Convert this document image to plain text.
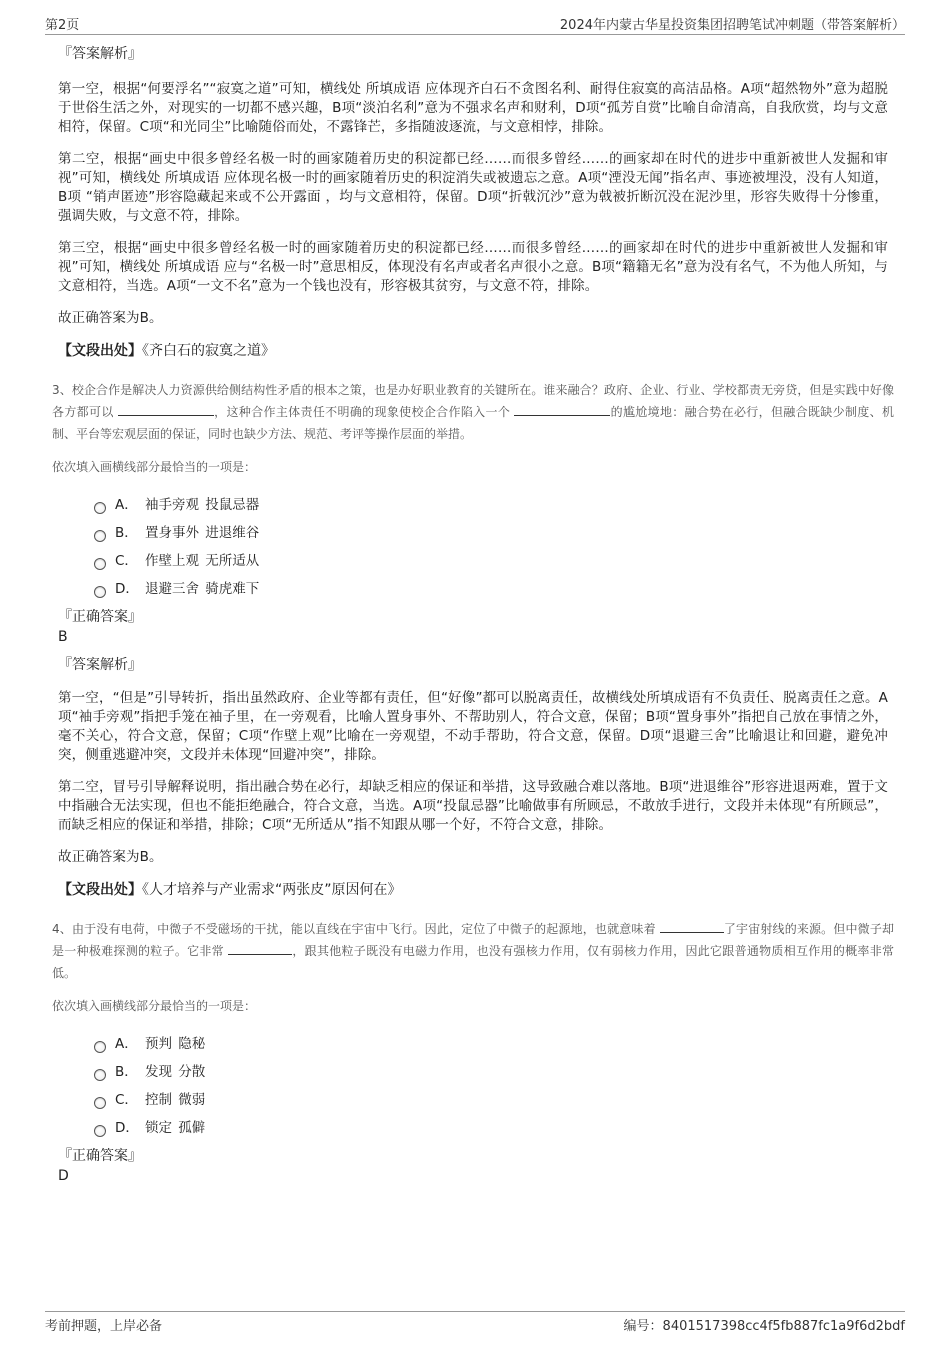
第2页	2024年内蒙古华星投资集团招聘笔试冲刺题（带答案解析）
『答案解析』

第一空，根据“何要浮名”“寂寞之道”可知，横线处 所填成语 应体现齐白石不贪图名利、耐得住寂寞的高洁品格。A项“超然物外”意为超脱于世俗生活之外，对现实的一切都不感兴趣，B项“淡泊名利”意为不强求名声和财利，D项“孤芳自赏”比喻自命清高，自我欣赏，均与文意相符，保留。C项“和光同尘”比喻随俗而处，不露锋芒，多指随波逐流，与文意相悖，排除。

第二空，根据“画史中很多曾经名极一时的画家随着历史的积淀都已经……而很多曾经……的画家却在时代的进步中重新被世人发掘和审视”可知，横线处 所填成语 应体现名极一时的画家随着历史的积淀消失或被遗忘之意。A项“湮没无闻”指名声、事迹被埋没，没有人知道，B项 “销声匿迹”形容隐藏起来或不公开露面 ，均与文意相符，保留。D项“折戟沉沙”意为戟被折断沉没在泥沙里，形容失败得十分惨重，强调失败，与文意不符，排除。

第三空，根据“画史中很多曾经名极一时的画家随着历史的积淀都已经……而很多曾经……的画家却在时代的进步中重新被世人发掘和审视”可知，横线处 所填成语 应与“名极一时”意思相反，体现没有名声或者名声很小之意。B项“籍籍无名”意为没有名气，不为他人所知，与文意相符，当选。A项“一文不名”意为一个钱也没有，形容极其贫穷，与文意不符，排除。

故正确答案为B。

【文段出处】《齐白石的寂寞之道》
3、校企合作是解决人力资源供给侧结构性矛盾的根本之策，也是办好职业教育的关键所在。谁来融合？政府、企业、行业、学校都责无旁贷，但是实践中好像各方都可以	，这种合作主体责任不明确的现象使校企合作陷入一个	的尴尬境地：融合势在必行，但融合既缺少制度、机制、平台等宏观层面的保证，同时也缺少方法、规范、考评等操作层面的举措。
依次填入画横线部分最恰当的一项是：
A． 袖手旁观 投鼠忌器
B． 置身事外 进退维谷
C． 作壁上观 无所适从
D． 退避三舍 骑虎难下
『正确答案』
B
『答案解析』

第一空，“但是”引导转折，指出虽然政府、企业等都有责任，但“好像”都可以脱离责任，故横线处所填成语有不负责任、脱离责任之意。A项“袖手旁观”指把手笼在袖子里，在一旁观看，比喻人置身事外、不帮助别人，符合文意，保留；B项“置身事外”指把自己放在事情之外，毫不关心，符合文意，保留；C项“作壁上观”比喻在一旁观望，不动手帮助，符合文意，保留。D项“退避三舍”比喻退让和回避，避免冲突，侧重逃避冲突，文段并未体现“回避冲突”，排除。

第二空，冒号引导解释说明，指出融合势在必行，却缺乏相应的保证和举措，这导致融合难以落地。B项“进退维谷”形容进退两难，置于文中指融合无法实现，但也不能拒绝融合，符合文意，当选。A项“投鼠忌器”比喻做事有所顾忌，不敢放手进行，文段并未体现“有所顾忌”，而缺乏相应的保证和举措，排除；C项“无所适从”指不知跟从哪一个好，不符合文意，排除。

故正确答案为B。

【文段出处】《人才培养与产业需求“两张皮”原因何在》
4、由于没有电荷，中微子不受磁场的干扰，能以直线在宇宙中飞行。因此，定位了中微子的起源地，也就意味着	了宇宙射线的来源。但中微子却是一种极难探测的粒子。它非常	，跟其他粒子既没有电磁力作用，也没有强核力作用，仅有弱核力作用，因此它跟普通物质相互作用的概率非常低。
依次填入画横线部分最恰当的一项是：
A． 预判 隐秘
B． 发现 分散
C． 控制 微弱
D． 锁定 孤僻
『正确答案』
D
考前押题，上岸必备	编号：8401517398cc4f5fb887fc1a9f6d2bdf
